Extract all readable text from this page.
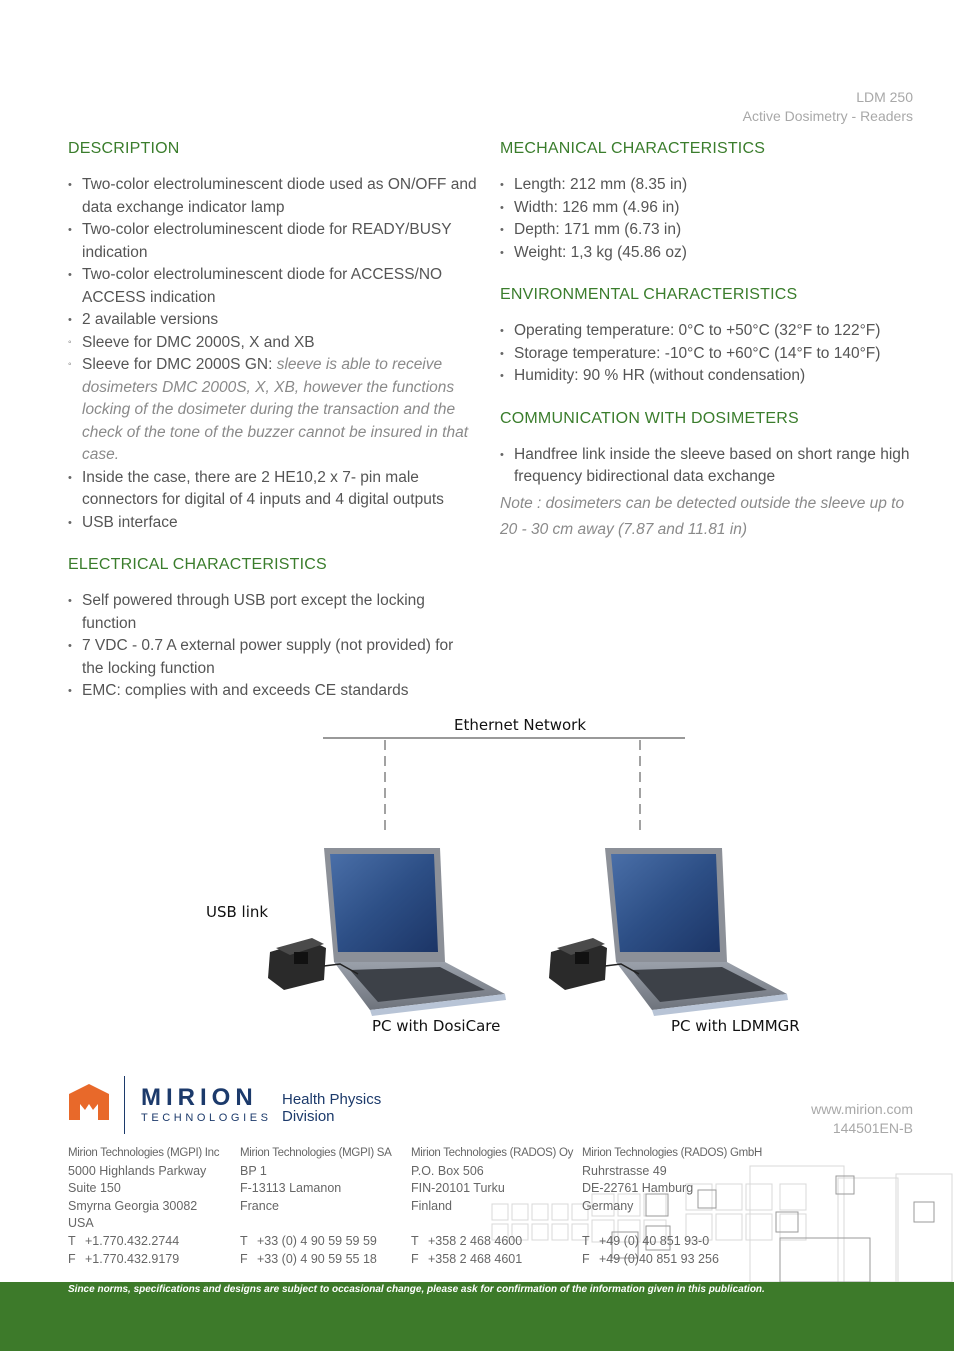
LDM 250
Active Dosimetry - Readers
DESCRIPTION
• Two-color electroluminescent diode used as ON/OFF and data exchange indicator lamp
• Two-color electroluminescent diode for READY/BUSY indication
• Two-color electroluminescent diode for ACCESS/NO ACCESS indication
• 2 available versions
◦ Sleeve for DMC 2000S, X and XB
◦ Sleeve for DMC 2000S GN: sleeve is able to receive dosimeters DMC 2000S, X, XB, however the functions locking of the dosimeter during the transaction and the check of the tone of the buzzer cannot be insured in that case.
• Inside the case, there are 2 HE10,2 x 7- pin male connectors for digital of 4 inputs and 4 digital outputs
• USB interface
ELECTRICAL CHARACTERISTICS
• Self powered through USB port except the locking function
• 7 VDC - 0.7 A external power supply (not provided) for the locking function
• EMC: complies with and exceeds CE standards
MECHANICAL CHARACTERISTICS
• Length: 212 mm (8.35 in)
• Width: 126 mm (4.96 in)
• Depth: 171 mm (6.73 in)
• Weight: 1,3 kg (45.86 oz)
ENVIRONMENTAL CHARACTERISTICS
• Operating temperature: 0°C to +50°C (32°F to 122°F)
• Storage temperature: -10°C to +60°C (14°F to 140°F)
• Humidity: 90 % HR (without condensation)
COMMUNICATION WITH DOSIMETERS
• Handfree link inside the sleeve based on short range high frequency bidirectional data exchange

Note : dosimeters can be detected outside the sleeve up to 20 - 30 cm away (7.87 and 11.81 in)

Ethernet Network
USB link
PC with DosiCare	PC with LDMMGR
MIRION
TECHNOLOGIES
Health Physics
Division	www.mirion.com
144501EN-B
Mirion Technologies (MGPI) Inc
5000 Highlands Parkway
Suite 150
Smyrna Georgia 30082
USA
T +1.770.432.2744
F +1.770.432.9179
Mirion Technologies (MGPI) SA
BP 1
F-13113 Lamanon
France
T +33 (0) 4 90 59 59 59
F +33 (0) 4 90 59 55 18
Mirion Technologies (RADOS) Oy
P.O. Box 506
FIN-20101 Turku
Finland
T +358 2 468 4600
F +358 2 468 4601
Mirion Technologies (RADOS) GmbH
Ruhrstrasse 49
DE-22761 Hamburg
Germany
T +49 (0) 40 851 93-0
F +49 (0)40 851 93 256
Since norms, specifications and designs are subject to occasional change, please ask for confirmation of the information given in this publication.
